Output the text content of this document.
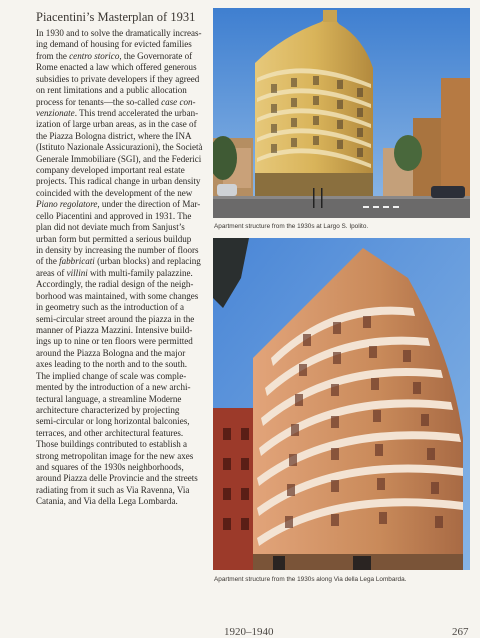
Piacentini’s Masterplan of 1931
In 1930 and to solve the dramatically increas-
ing demand of housing for evicted families
from the centro storico, the Governorate of
Rome enacted a law which offered generous
subsidies to private developers if they agreed
on rent limitations and a public allocation
process for tenants—the so-called case con-
venzionate. This trend accelerated the urban-
ization of large urban areas, as in the case of
the Piazza Bologna district, where the INA
(Istituto Nazionale Assicurazioni), the Società
Generale Immobiliare (SGI), and the Federici
company developed important real estate
projects. This radical change in urban density
coincided with the development of the new
Piano regolatore, under the direction of Mar-
cello Piacentini and approved in 1931. The
plan did not deviate much from Sanjust’s
urban form but permitted a serious buildup
in density by increasing the number of floors
of the fabbricati (urban blocks) and replacing
areas of villini with multi-family palazzine.
Accordingly, the radial design of the neigh-
borhood was maintained, with some changes
in geometry such as the introduction of a
semi-circular street around the piazza in the
manner of Piazza Mazzini. Intensive build-
ings up to nine or ten floors were permitted
around the Piazza Bologna and the major
axes leading to the north and to the south.
The implied change of scale was comple-
mented by the introduction of a new archi-
tectural language, a streamline Moderne
architecture characterized by projecting
semi-circular or long horizontal balconies,
terraces, and other architectural features.
Those buildings contributed to establish a
strong metropolitan image for the new axes
and squares of the 1930s neighborhoods,
around Piazza delle Provincie and the streets
radiating from it such as Via Ravenna, Via
Catania, and Via della Lega Lombarda.
Apartment structure from the 1930s at Largo S. Ipolito.
Apartment structure from the 1930s along Via della Lega Lombarda.
1920–1940	267
